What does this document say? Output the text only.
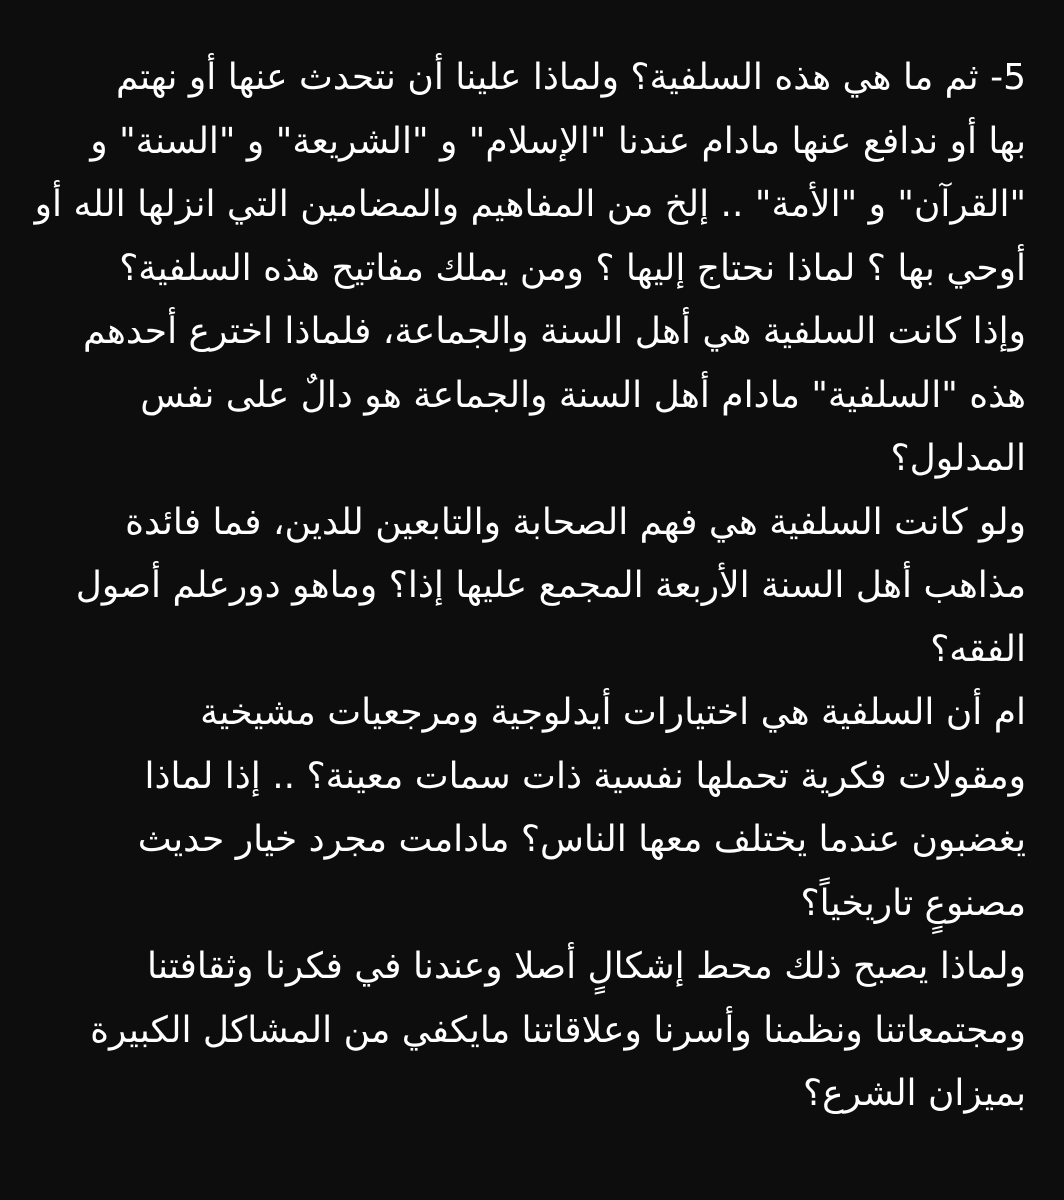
5- ثم ما هي هذه السلفية؟ ولماذا علينا أن نتحدث عنها أو نهتم
بها أو ندافع عنها مادام عندنا "الإسلام" و "الشريعة" و "السنة" و
"القرآن" و "الأمة" .. إلخ من المفاهيم والمضامين التي انزلها الله أو
أوحي بها ؟ لماذا نحتاج إليها ؟ ومن يملك مفاتيح هذه السلفية؟
وإذا كانت السلفية هي أهل السنة والجماعة، فلماذا اخترع أحدهم
هذه "السلفية" مادام أهل السنة والجماعة هو دالٌ على نفس
المدلول؟
ولو كانت السلفية هي فهم الصحابة والتابعين للدين، فما فائدة
مذاهب أهل السنة الأربعة المجمع عليها إذا؟ وماهو دورعلم أصول
الفقه؟
ام أن السلفية هي اختيارات أيدلوجية ومرجعيات مشيخية
ومقولات فكرية تحملها نفسية ذات سمات معينة؟ .. إذا لماذا
يغضبون عندما يختلف معها الناس؟ مادامت مجرد خيار حديث
مصنوعٍ تاريخياً؟
ولماذا يصبح ذلك محط إشكالٍ أصلا وعندنا في فكرنا وثقافتنا
ومجتمعاتنا ونظمنا وأسرنا وعلاقاتنا مايكفي من المشاكل الكبيرة
بميزان الشرع؟
